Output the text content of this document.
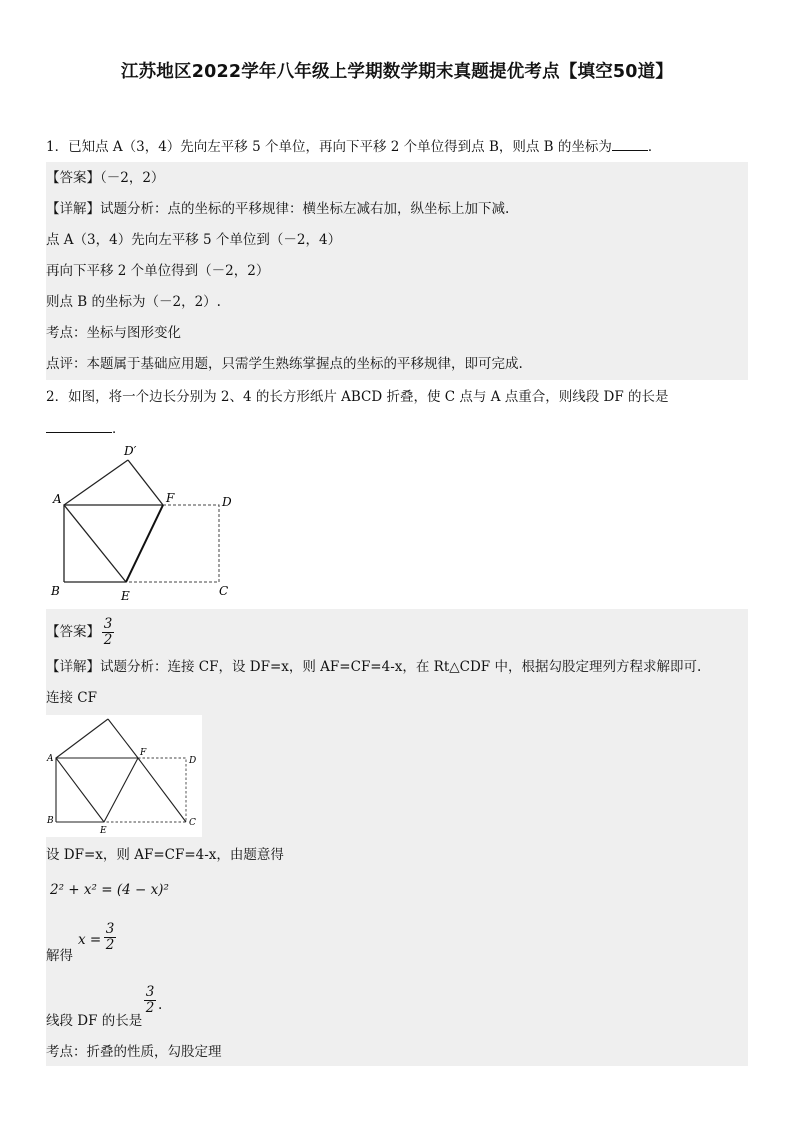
江苏地区2022学年八年级上学期数学期末真题提优考点【填空50道】
1．已知点 A（3，4）先向左平移 5 个单位，再向下平移 2 个单位得到点 B，则点 B 的坐标为	．
【答案】（－2，2）
【详解】试题分析：点的坐标的平移规律：横坐标左减右加，纵坐标上加下减.
点 A（3，4）先向左平移 5 个单位到（－2，4）
再向下平移 2 个单位得到（－2，2）
则点 B 的坐标为（－2，2）.
考点：坐标与图形变化
点评：本题属于基础应用题，只需学生熟练掌握点的坐标的平移规律，即可完成.
2．如图，将一个边长分别为 2、4 的长方形纸片 ABCD 折叠，使 C 点与 A 点重合，则线段 DF 的长是
．
D′
A	F	D
B	E	C
【答案】 $\frac{3}{2}$
【详解】试题分析：连接 CF，设 DF=x，则 AF=CF=4-x，在 Rt△CDF 中，根据勾股定理列方程求解即可.
连接 CF
A
F
D
B
E
C
设 DF=x，则 AF=CF=4-x，由题意得
2² + x² = (4 − x)²
解得
x =
3
2
线段 DF 的长是
3
2 .
考点：折叠的性质，勾股定理
